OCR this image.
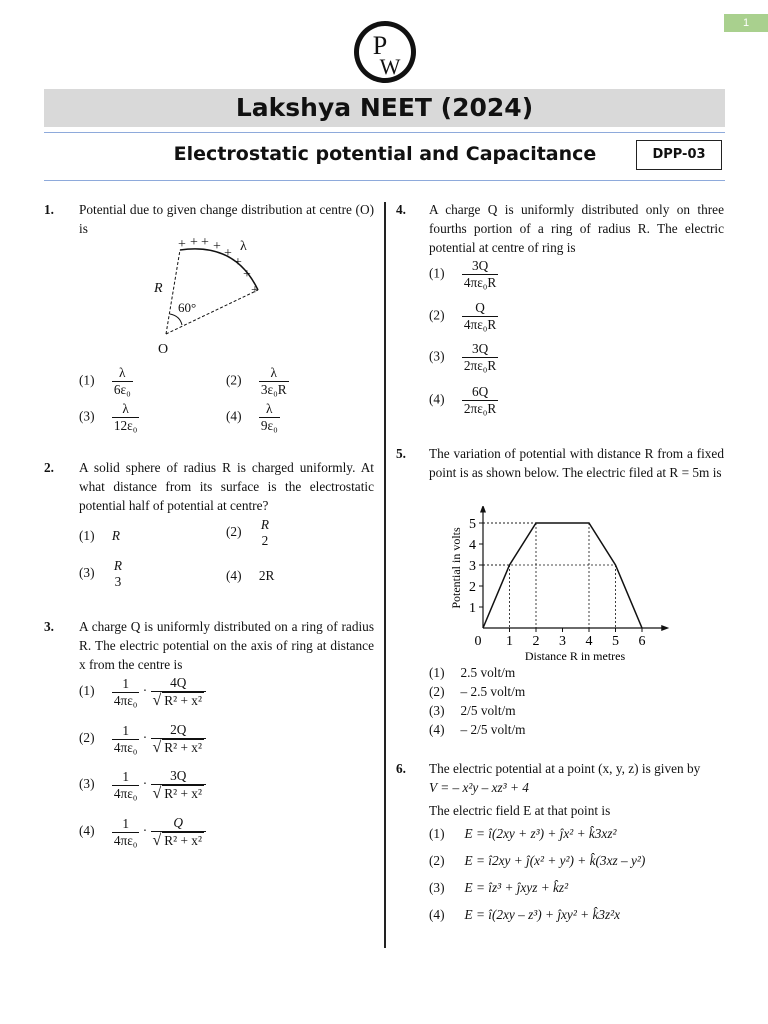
1
P
W
Lakshya NEET (2024)
Electrostatic potential and Capacitance	DPP-03
1. Potential due to given change distribution at centre (O) is
+ + + + +
+
+
+
λ
R
60°
O
$(1) \frac{\lambda}{\text{6ε₀}}$	$(2) \frac{\lambda}{\text{3ε₀R}}$
$(3) \frac{\lambda}{\text{12ε₀}}$	$(4) \frac{\lambda}{\text{9ε₀}}$
2. A solid sphere of radius R is charged uniformly. At what distance from its surface is the electrostatic potential half of potential at centre?
(1) R	(2) R
2
(3) R
3	(4) 2R
3. A charge Q is uniformly distributed on a ring of radius R. The electric potential on the axis of ring at distance x from the centre is
$(1) \frac{1}{\text{4πε₀}} \cdot \frac{4Q}{\text{√ R² + x²}}$
$(2) \frac{1}{\text{4πε₀}} \cdot \frac{2Q}{\text{√ R² + x²}}$
$(3) \frac{1}{\text{4πε₀}} \cdot \frac{3Q}{\text{√ R² + x²}}$
$(4) \frac{1}{\text{4πε₀}} \cdot \frac{Q}{\text{√ R² + x²}}$
4. A charge Q is uniformly distributed only on three fourths portion of a ring of radius R. The electric potential at centre of ring is
$(1) \frac{3Q}{\text{4πε₀R}}$
$(2) \frac{Q}{\text{4πε₀R}}$
$(3) \frac{3Q}{\text{2πε₀R}}$
$(4) \frac{6Q}{\text{2πε₀R}}$
5. The variation of potential with distance R from a fixed point is as shown below. The electric filed at R = 5m is
0 1 2 3 4 5 6
1
2
3
4
5
Distance R in metres
Potential in volts
(1) 2.5 volt/m
(2) – 2.5 volt/m
(3) 2/5 volt/m
(4) – 2/5 volt/m
6. The electric potential at a point (x, y, z) is given by
V = – x²y – xz³ + 4
The electric field E at that point is
(1) E = î(2xy + z³) + ĵx² + k̂3xz²
(2) E = î2xy + ĵ(x² + y²) + k̂(3xz – y²)
(3) E = îz³ + ĵxyz + k̂z²
(4) E = î(2xy – z³) + ĵxy² + k̂3z²x
